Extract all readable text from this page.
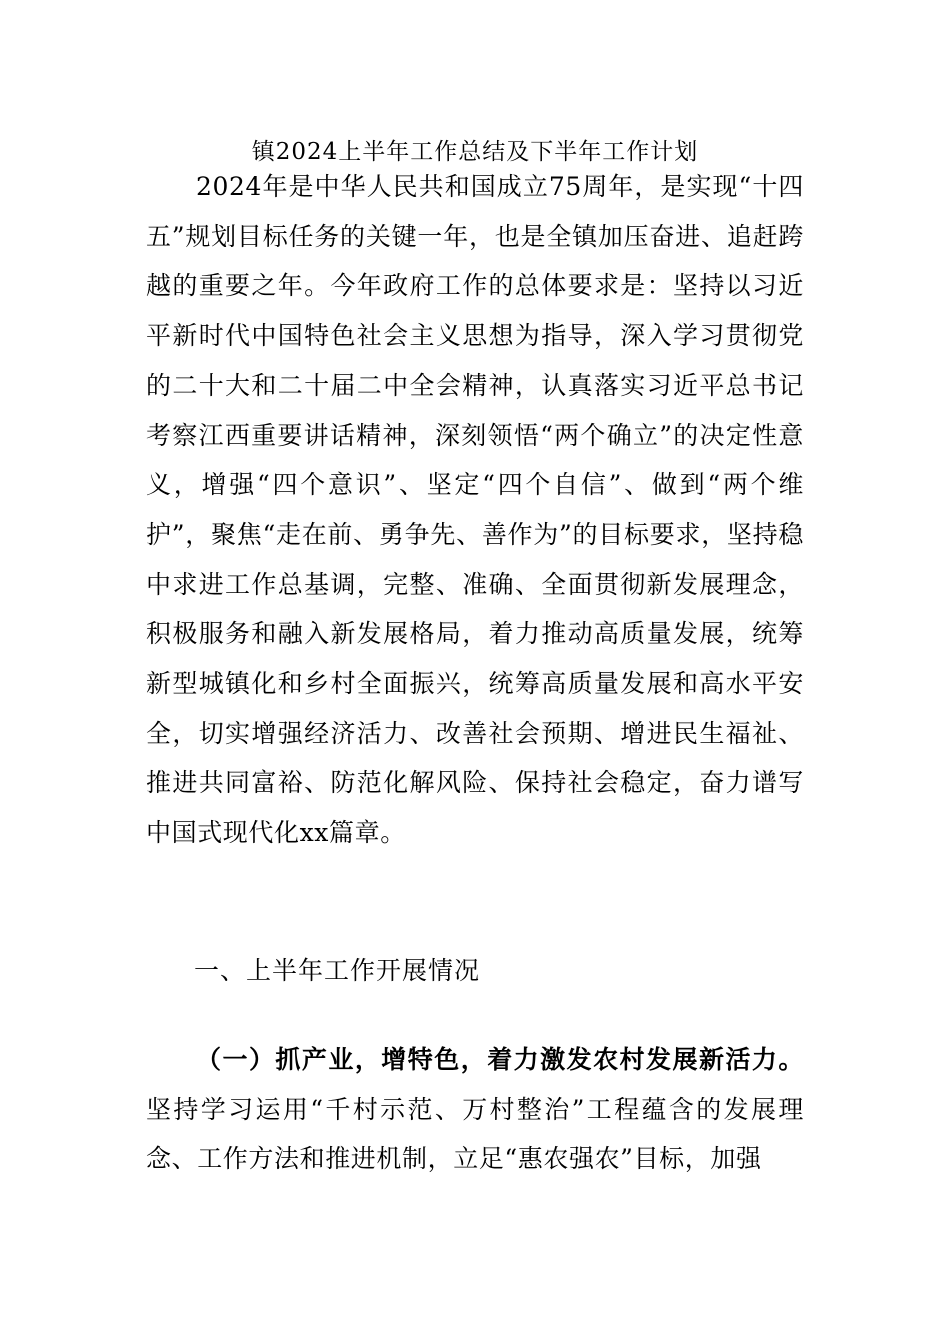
镇2024上半年工作总结及下半年工作计划

2024年是中华人民共和国成立75周年，是实现“十四五”规划目标任务的关键一年，也是全镇加压奋进、追赶跨越的重要之年。今年政府工作的总体要求是：坚持以习近平新时代中国特色社会主义思想为指导，深入学习贯彻党的二十大和二十届二中全会精神，认真落实习近平总书记考察江西重要讲话精神，深刻领悟“两个确立”的决定性意义，增强“四个意识”、坚定“四个自信”、做到“两个维护”，聚焦“走在前、勇争先、善作为”的目标要求，坚持稳中求进工作总基调，完整、准确、全面贯彻新发展理念，积极服务和融入新发展格局，着力推动高质量发展，统筹新型城镇化和乡村全面振兴，统筹高质量发展和高水平安全，切实增强经济活力、改善社会预期、增进民生福祉、推进共同富裕、防范化解风险、保持社会稳定，奋力谱写中国式现代化xx篇章。

一、上半年工作开展情况

（一）抓产业，增特色，着力激发农村发展新活力。坚持学习运用“千村示范、万村整治”工程蕴含的发展理念、工作方法和推进机制，立足“惠农强农”目标，加强
